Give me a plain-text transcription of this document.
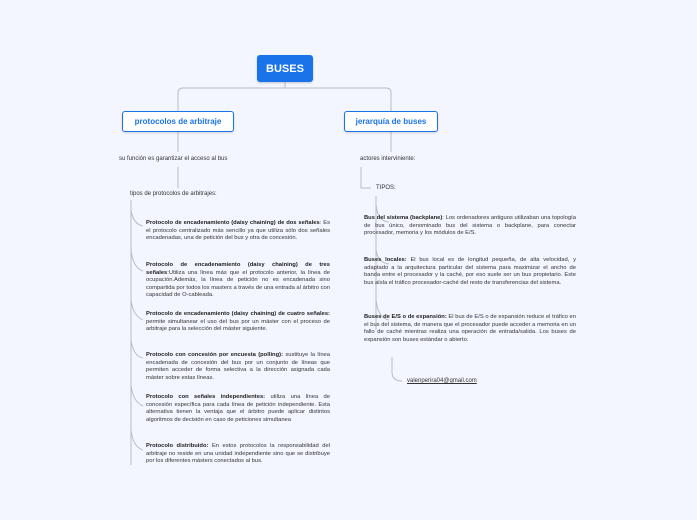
BUSES
protocolos de arbitraje	jerarquía de buses
su función es garantizar el acceso al bus
tipos de protocolos de arbitrajes:
actores interviniente:
TIPOS:
Protocolo de encadenamiento (daisy chaining) de dos señales: Es el protocolo centralizado más sencillo ya que utiliza sólo dos señales encadenadas, una de petición del bus y otra de concesión.
Protocolo de encadenamiento (daisy chaining) de tres señales:Utiliza una línea más que el protocolo anterior, la línea de ocupación.Además, la línea de petición no es encadenada sino compartida por todos los masters a través de una entrada al árbitro con capacidad de O-cableada.
Protocolo de encadenamiento (daisy chaining) de cuatro señales: permite simultanear el uso del bus por un máster con el proceso de arbitraje para la selección del máster siguiente.
Protocolo con concesión por encuesta (polling): sustituye la línea encadenada de concesión del bus por un conjunto de líneas que permiten acceder de forma selectiva a la dirección asignada cada máster sobre estas líneas.
Protocolo con señales independientes: utiliza una línea de concesión específica para cada línea de petición independiente. Esta alternativa tienen la ventaja que el árbitro puede aplicar distintos algoritmos de decisión en caso de peticiones simultanea
Protocolo distribuido: En estos protocolos la responsabilidad del arbitraje no reside en una unidad independiente sino que se distribuye por los diferentes másters conectados al bus.
Bus del sistema (backplane): Los ordenadores antiguos utilizaban una topología de bus único, denominado bus del sistema o backplane, para conectar procesador, memoria y los módulos de E/S.
Buses locales: El bus local es de longitud pequeña, de alta velocidad, y adaptado a la arquitectura particular del sistema para maximizar el ancho de banda entre el procesador y la caché, por eso suele ser un bus propietario. Este bus aísla el tráfico procesador-caché del resto de transferencias del sistema.
Buses de E/S o de expansión: El bus de E/S o de expansión reduce el tráfico en el bus del sistema, de manera que el procesador puede acceder a memoria en un fallo de caché mientras realiza una operación de entrada/salida. Los buses de expansión son buses estándar o abierto.
valenperira04@gmail.com
